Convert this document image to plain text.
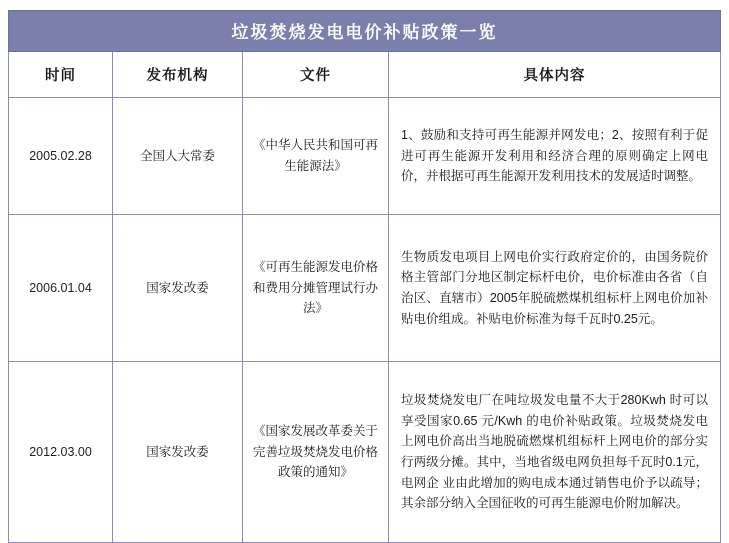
垃圾焚烧发电电价补贴政策一览			
时间	发布机构	文件	具体内容
2005.02.28	全国人大常委	《中华人民共和国可再生能源法》	1、鼓励和支持可再生能源并网发电；2、按照有利于促进可再生能源开发利用和经济合理的原则确定上网电价，并根据可再生能源开发利用技术的发展适时调整。
2006.01.04	国家发改委	《可再生能源发电价格和费用分摊管理试行办法》	生物质发电项目上网电价实行政府定价的，由国务院价格主管部门分地区制定标杆电价，电价标准由各省（自治区、直辖市）2005年脱硫燃煤机组标杆上网电价加补贴电价组成。补贴电价标准为每千瓦时0.25元。
2012.03.00	国家发改委	《国家发展改革委关于完善垃圾焚烧发电价格政策的通知》	垃圾焚烧发电厂在吨垃圾发电量不大于280Kwh 时可以享受国家0.65 元/Kwh 的电价补贴政策。垃圾焚烧发电上网电价高出当地脱硫燃煤机组标杆上网电价的部分实行两级分摊。其中，当地省级电网负担每千瓦时0.1元，电网企 业由此增加的购电成本通过销售电价予以疏导；其余部分纳入全国征收的可再生能源电价附加解决。
